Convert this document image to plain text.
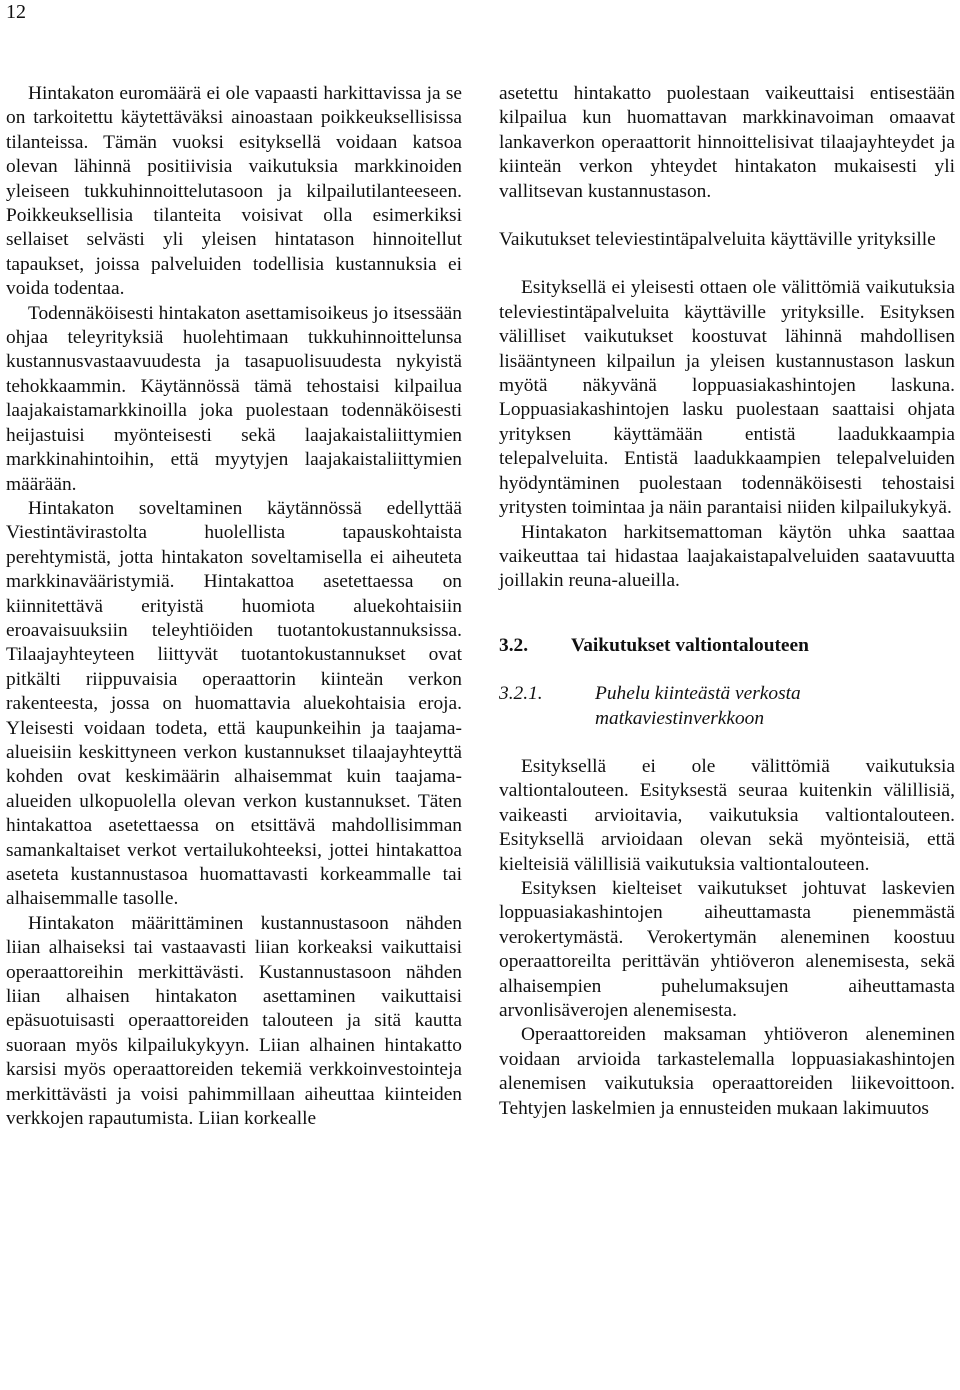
12

Hintakaton euromäärä ei ole vapaasti harkittavissa ja se on tarkoitettu käytettäväksi ainoastaan poikkeuksellisissa tilanteissa. Tämän vuoksi esityksellä voidaan katsoa olevan lähinnä positiivisia vaikutuksia markkinoiden yleiseen tukkuhinnoittelutasoon ja kilpailutilanteeseen. Poikkeuksellisia tilanteita voisivat olla esimerkiksi sellaiset selvästi yli yleisen hintatason hinnoitellut tapaukset, joissa palveluiden todellisia kustannuksia ei voida todentaa.

Todennäköisesti hintakaton asettamisoikeus jo itsessään ohjaa teleyrityksiä huolehtimaan tukkuhinnoittelunsa kustannusvastaavuudesta ja tasapuolisuudesta nykyistä tehokkaammin. Käytännössä tämä tehostaisi kilpailua laajakaistamarkkinoilla joka puolestaan todennäköisesti heijastuisi myönteisesti sekä laajakaistaliittymien markkinahintoihin, että myytyjen laajakaistaliittymien määrään.

Hintakaton soveltaminen käytännössä edellyttää Viestintävirastolta huolellista tapauskohtaista perehtymistä, jotta hintakaton soveltamisella ei aiheuteta markkinavääristymiä. Hintakattoa asetettaessa on kiinnitettävä erityistä huomiota aluekohtaisiin eroavaisuuksiin teleyhtiöiden tuotantokustannuksissa. Tilaajayhteyteen liittyvät tuotantokustannukset ovat pitkälti riippuvaisia operaattorin kiinteän verkon rakenteesta, jossa on huomattavia aluekohtaisia eroja. Yleisesti voidaan todeta, että kaupunkeihin ja taajama-alueisiin keskittyneen verkon kustannukset tilaajayhteyttä kohden ovat keskimäärin alhaisemmat kuin taajama-alueiden ulkopuolella olevan verkon kustannukset. Täten hintakattoa asetettaessa on etsittävä mahdollisimman samankaltaiset verkot vertailukohteeksi, jottei hintakattoa aseteta kustannustasoa huomattavasti korkeammalle tai alhaisemmalle tasolle.

Hintakaton määrittäminen kustannustasoon nähden liian alhaiseksi tai vastaavasti liian korkeaksi vaikuttaisi operaattoreihin merkittävästi. Kustannustasoon nähden liian alhaisen hintakaton asettaminen vaikuttaisi epäsuotuisasti operaattoreiden talouteen ja sitä kautta suoraan myös kilpailukykyyn. Liian alhainen hintakatto karsisi myös operaattoreiden tekemiä verkkoinvestointeja merkittävästi ja voisi pahimmillaan aiheuttaa kiinteiden verkkojen rapautumista. Liian korkealle

asetettu hintakatto puolestaan vaikeuttaisi entisestään kilpailua kun huomattavan markkinavoiman omaavat lankaverkon operaattorit hinnoittelisivat tilaajayhteydet ja kiinteän verkon yhteydet hintakaton mukaisesti yli vallitsevan kustannustason.

Vaikutukset televiestintäpalveluita käyttäville yrityksille

Esityksellä ei yleisesti ottaen ole välittömiä vaikutuksia televiestintäpalveluita käyttäville yrityksille. Esityksen välilliset vaikutukset koostuvat lähinnä mahdollisen lisääntyneen kilpailun ja yleisen kustannustason laskun myötä näkyvänä loppuasiakashintojen laskuna. Loppuasiakashintojen lasku puolestaan saattaisi ohjata yrityksen käyttämään entistä laadukkaampia telepalveluita. Entistä laadukkaampien telepalveluiden hyödyntäminen puolestaan todennäköisesti tehostaisi yritysten toimintaa ja näin parantaisi niiden kilpailukykyä.

Hintakaton harkitsemattoman käytön uhka saattaa vaikeuttaa tai hidastaa laajakaistapalveluiden saatavuutta joillakin reuna-alueilla.

3.2.	Vaikutukset valtiontalouteen
3.2.1.	Puhelu kiinteästä verkosta matkaviestinverkkoon

Esityksellä ei ole välittömiä vaikutuksia valtiontalouteen. Esityksestä seuraa kuitenkin välillisiä, vaikeasti arvioitavia, vaikutuksia valtiontalouteen. Esityksellä arvioidaan olevan sekä myönteisiä, että kielteisiä välillisiä vaikutuksia valtiontalouteen.

Esityksen kielteiset vaikutukset johtuvat laskevien loppuasiakashintojen aiheuttamasta pienemmästä verokertymästä. Verokertymän aleneminen koostuu operaattoreilta perittävän yhtiöveron alenemisesta, sekä alhaisempien puhelumaksujen aiheuttamasta arvonlisäverojen alenemisesta.

Operaattoreiden maksaman yhtiöveron aleneminen voidaan arvioida tarkastelemalla loppuasiakashintojen alenemisen vaikutuksia operaattoreiden liikevoittoon. Tehtyjen laskelmien ja ennusteiden mukaan lakimuutos
